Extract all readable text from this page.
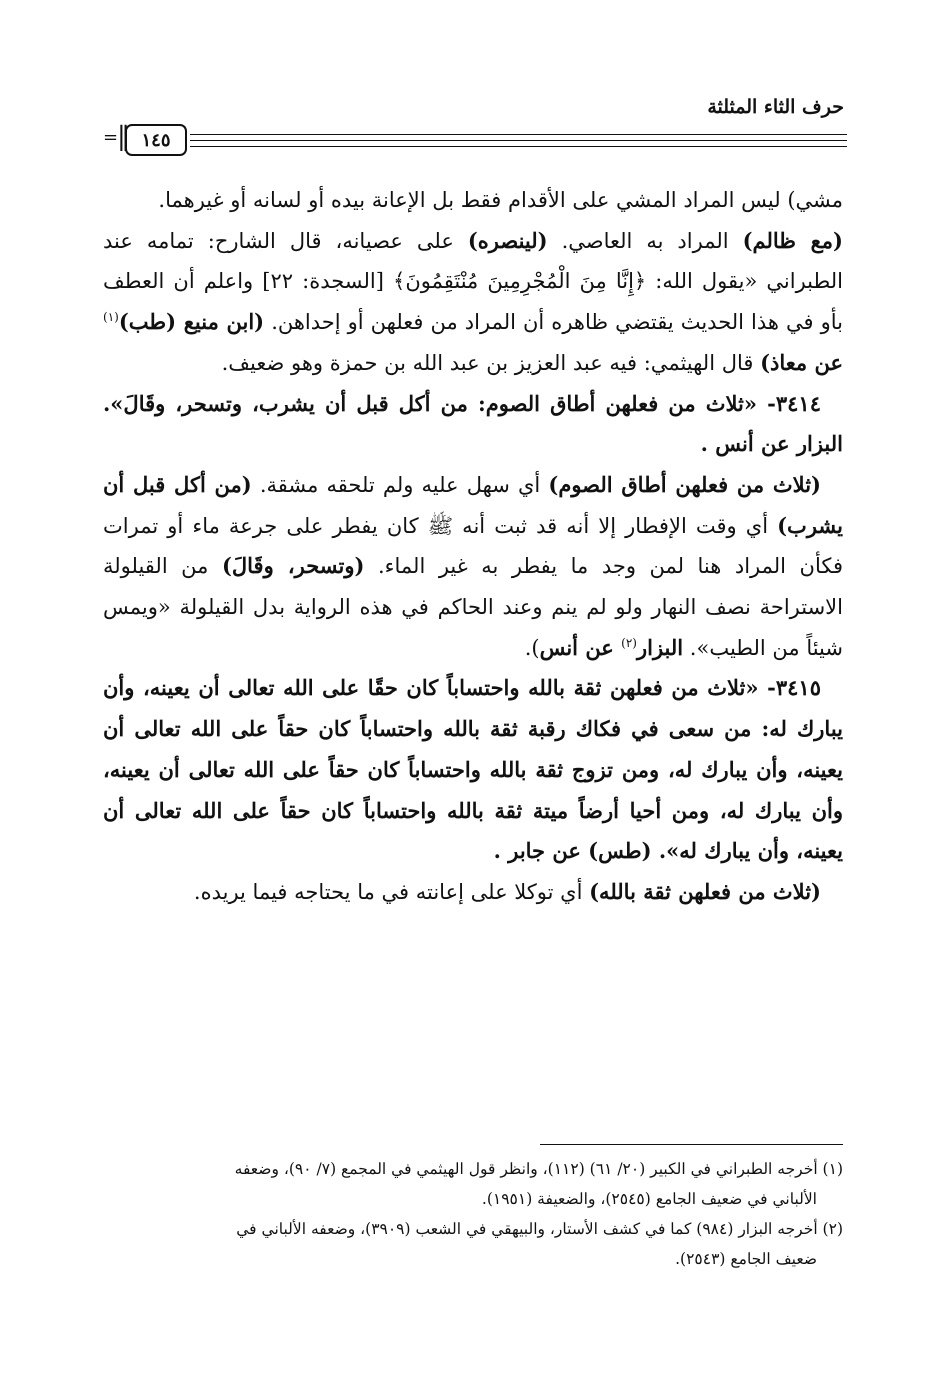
حرف الثاء المثلثة
‖
=	١٤٥

مشي) ليس المراد المشي على الأقدام فقط بل الإعانة بيده أو لسانه أو غيرهما.
(مع ظالم) المراد به العاصي. (لينصره) على عصيانه، قال الشارح: تمامه عند الطبراني «يقول الله: ﴿إِنَّا مِنَ الْمُجْرِمِينَ مُنْتَقِمُونَ﴾ [السجدة: ٢٢] واعلم أن العطف بأو في هذا الحديث يقتضي ظاهره أن المراد من فعلهن أو إحداهن. (ابن منيع (طب)$^{(١)}$ عن معاذ) قال الهيثمي: فيه عبد العزيز بن عبد الله بن حمزة وهو ضعيف.

٣٤١٤- «ثلاث من فعلهن أطاق الصوم: من أكل قبل أن يشرب، وتسحر، وقَالَ». البزار عن أنس .

(ثلاث من فعلهن أطاق الصوم) أي سهل عليه ولم تلحقه مشقة. (من أكل قبل أن يشرب) أي وقت الإفطار إلا أنه قد ثبت أنه ﷺ كان يفطر على جرعة ماء أو تمرات فكأن المراد هنا لمن وجد ما يفطر به غير الماء. (وتسحر، وقَالَ) من القيلولة الاستراحة نصف النهار ولو لم ينم وعند الحاكم في هذه الرواية بدل القيلولة «ويمس شيئاً من الطيب». البزار$^{(٢)}$ عن أنس).

٣٤١٥- «ثلاث من فعلهن ثقة بالله واحتساباً كان حقًا على الله تعالى أن يعينه، وأن يبارك له: من سعى في فكاك رقبة ثقة بالله واحتساباً كان حقاً على الله تعالى أن يعينه، وأن يبارك له، ومن تزوج ثقة بالله واحتساباً كان حقاً على الله تعالى أن يعينه، وأن يبارك له، ومن أحيا أرضاً ميتة ثقة بالله واحتساباً كان حقاً على الله تعالى أن يعينه، وأن يبارك له». (طس) عن جابر .

(ثلاث من فعلهن ثقة بالله) أي توكلا على إعانته في ما يحتاجه فيما يريده.

(١) أخرجه الطبراني في الكبير (٢٠/ ٦١) (١١٢)، وانظر قول الهيثمي في المجمع (٧/ ٩٠)، وضعفه

الألباني في ضعيف الجامع (٢٥٤٥)، والضعيفة (١٩٥١).

(٢) أخرجه البزار (٩٨٤) كما في كشف الأستار، والبيهقي في الشعب (٣٩٠٩)، وضعفه الألباني في

ضعيف الجامع (٢٥٤٣).
